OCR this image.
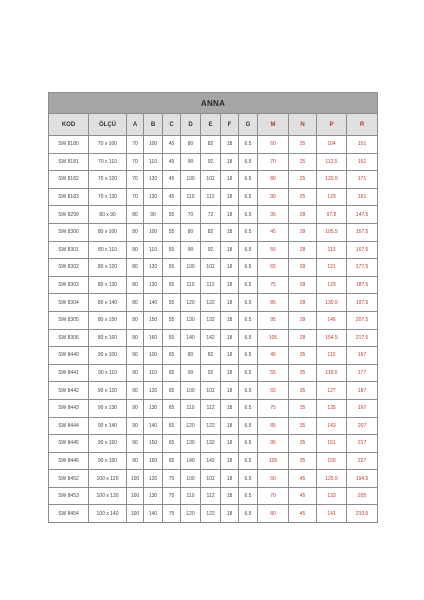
ANNA												
KOD	ÖLÇÜ	A	B	C	D	E	F	G	M	N	P	R
SW 8180	70 x 100	70	100	45	80	82	18	6.5	60	25	104	151
SW 8181	70 x 110	70	110	45	90	92	18	6.5	70	25	112.5	161
SW 8182	70 x 120	70	120	45	100	102	18	6.5	80	25	120.5	171
SW 8183	70 x 130	70	130	45	110	112	18	6.5	90	25	129	181
SW 8299	80 x 90	80	90	55	70	72	18	6.5	35	28	97.5	147.5
SW 8300	80 x 100	80	100	55	80	82	18	6.5	45	28	105.5	157.5
SW 8301	80 x 110	80	110	55	90	92	18	6.5	55	28	113	167.5
SW 8302	80 x 120	80	120	55	100	102	18	6.5	65	28	121	177.5
SW 8303	80 x 130	80	130	55	110	112	18	6.5	75	28	129	187.5
SW 8304	80 x 140	80	140	55	120	122	18	6.5	85	28	130.5	197.5
SW 8305	80 x 150	80	150	55	130	132	18	6.5	95	28	146	207.5
SW 8306	80 x 160	80	160	55	140	142	18	6.5	105	28	154.5	217.5
SW 8440	90 x 100	90	100	65	80	82	18	6.5	45	35	112	167
SW 8441	90 x 110	90	110	65	90	92	18	6.5	55	35	119.5	177
SW 8442	90 x 120	90	120	65	100	102	18	6.5	65	35	127	187
SW 8443	90 x 130	90	130	65	110	112	18	6.5	75	35	135	197
SW 8444	90 x 140	90	140	65	120	122	18	6.5	85	35	143	207
SW 8445	90 x 150	90	150	65	130	132	18	6.5	95	35	151	217
SW 8446	90 x 160	90	160	65	140	142	18	6.5	105	35	159	227
SW 8452	100 x 120	100	120	75	100	102	18	6.5	60	45	125.5	194.5
SW 8453	100 x 130	100	130	75	110	112	18	6.5	70	45	133	205
SW 8454	100 x 140	100	140	75	120	122	18	6.5	80	45	141	210.5
